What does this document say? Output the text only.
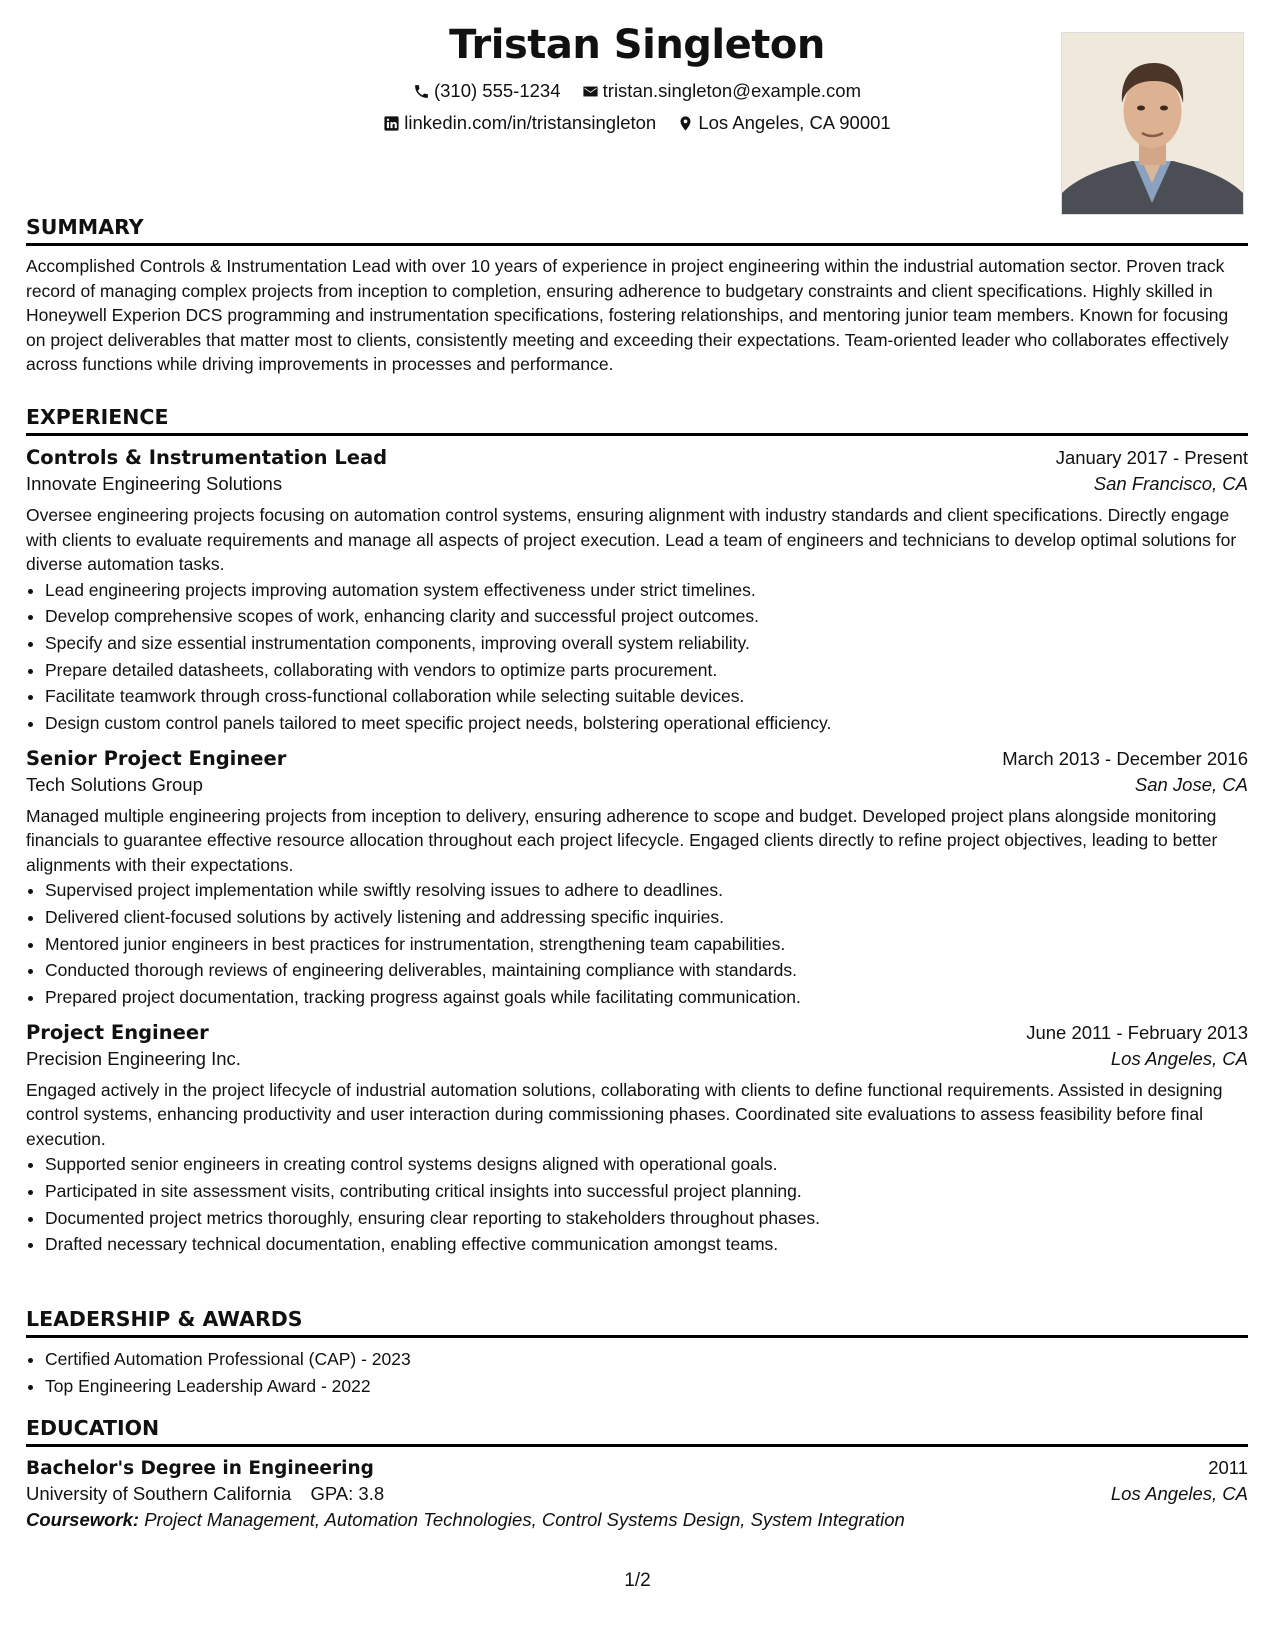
Tristan Singleton
(310) 555-1234
tristan.singleton@example.com
linkedin.com/in/tristansingleton
Los Angeles, CA 90001
SUMMARY

Accomplished Controls & Instrumentation Lead with over 10 years of experience in project engineering within the industrial automation sector. Proven track record of managing complex projects from inception to completion, ensuring adherence to budgetary constraints and client specifications. Highly skilled in Honeywell Experion DCS programming and instrumentation specifications, fostering relationships, and mentoring junior team members. Known for focusing on project deliverables that matter most to clients, consistently meeting and exceeding their expectations. Team-oriented leader who collaborates effectively across functions while driving improvements in processes and performance.

EXPERIENCE
Controls & Instrumentation Lead	January 2017 - Present
Innovate Engineering Solutions	San Francisco, CA

Oversee engineering projects focusing on automation control systems, ensuring alignment with industry standards and client specifications. Directly engage with clients to evaluate requirements and manage all aspects of project execution. Lead a team of engineers and technicians to develop optimal solutions for diverse automation tasks.

• Lead engineering projects improving automation system effectiveness under strict timelines.
• Develop comprehensive scopes of work, enhancing clarity and successful project outcomes.
• Specify and size essential instrumentation components, improving overall system reliability.
• Prepare detailed datasheets, collaborating with vendors to optimize parts procurement.
• Facilitate teamwork through cross-functional collaboration while selecting suitable devices.
• Design custom control panels tailored to meet specific project needs, bolstering operational efficiency.
Senior Project Engineer	March 2013 - December 2016
Tech Solutions Group	San Jose, CA

Managed multiple engineering projects from inception to delivery, ensuring adherence to scope and budget. Developed project plans alongside monitoring financials to guarantee effective resource allocation throughout each project lifecycle. Engaged clients directly to refine project objectives, leading to better alignments with their expectations.

• Supervised project implementation while swiftly resolving issues to adhere to deadlines.
• Delivered client-focused solutions by actively listening and addressing specific inquiries.
• Mentored junior engineers in best practices for instrumentation, strengthening team capabilities.
• Conducted thorough reviews of engineering deliverables, maintaining compliance with standards.
• Prepared project documentation, tracking progress against goals while facilitating communication.
Project Engineer	June 2011 - February 2013
Precision Engineering Inc.	Los Angeles, CA

Engaged actively in the project lifecycle of industrial automation solutions, collaborating with clients to define functional requirements. Assisted in designing control systems, enhancing productivity and user interaction during commissioning phases. Coordinated site evaluations to assess feasibility before final execution.

• Supported senior engineers in creating control systems designs aligned with operational goals.
• Participated in site assessment visits, contributing critical insights into successful project planning.
• Documented project metrics thoroughly, ensuring clear reporting to stakeholders throughout phases.
• Drafted necessary technical documentation, enabling effective communication amongst teams.
LEADERSHIP & AWARDS
• Certified Automation Professional (CAP) - 2023
• Top Engineering Leadership Award - 2022
EDUCATION
Bachelor's Degree in Engineering	2011
University of Southern California GPA: 3.8	Los Angeles, CA
Coursework: Project Management, Automation Technologies, Control Systems Design, System Integration
1/2
